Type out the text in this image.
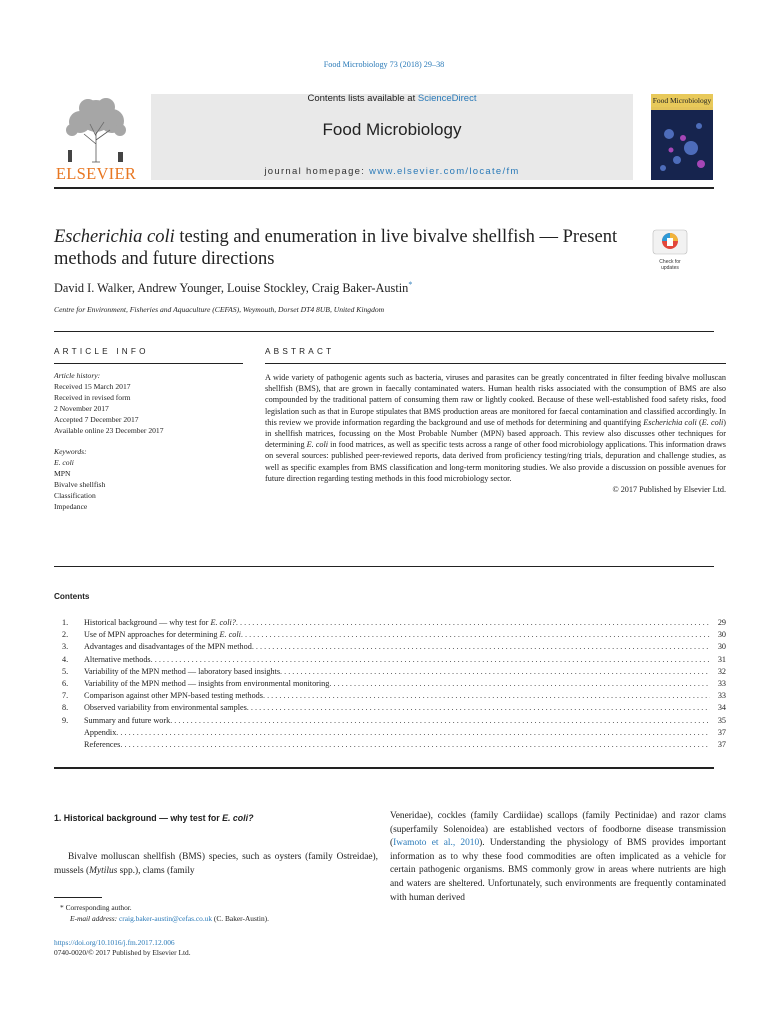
Food Microbiology 73 (2018) 29–38
ELSEVIER
Contents lists available at ScienceDirect
Food Microbiology
journal homepage: www.elsevier.com/locate/fm
Food Microbiology
Escherichia coli testing and enumeration in live bivalve shellfish — Present methods and future directions	Check for updates
David I. Walker, Andrew Younger, Louise Stockley, Craig Baker-Austin*
Centre for Environment, Fisheries and Aquaculture (CEFAS), Weymouth, Dorset DT4 8UB, United Kingdom
ARTICLE INFO	ABSTRACT
Article history:
Received 15 March 2017
Received in revised form
2 November 2017
Accepted 7 December 2017
Available online 23 December 2017
Keywords:
E. coli
MPN
Bivalve shellfish
Classification
Impedance
A wide variety of pathogenic agents such as bacteria, viruses and parasites can be greatly concentrated in filter feeding bivalve molluscan shellfish (BMS), that are grown in faecally contaminated waters. Human health risks associated with the consumption of BMS are also compounded by the traditional pattern of consuming them raw or lightly cooked. Because of these well-established food safety risks, food legislation such as that in Europe stipulates that BMS production areas are monitored for faecal contamination and classified accordingly. In this review we provide information regarding the background and use of methods for determining and quantifying Escherichia coli (E. coli) in shellfish matrices, focussing on the Most Probable Number (MPN) based approach. This review also discusses other techniques for determining E. coli in food matrices, as well as specific tests across a range of other food microbiology applications. This information draws on several sources: published peer-reviewed reports, data derived from proficiency testing/ring trials, depuration and challenge studies, as well as specific examples from BMS classification and long-term monitoring studies. We also provide a discussion on possible avenues for future direction regarding testing methods in this food microbiology sector.
© 2017 Published by Elsevier Ltd.
Contents
1.	Historical background — why test for E. coli? . . .	29
2.	Use of MPN approaches for determining E. coli . . .	30
3.	Advantages and disadvantages of the MPN method . . .	30
4.	Alternative methods . . .	31
5.	Variability of the MPN method — laboratory based insights . . .	32
6.	Variability of the MPN method — insights from environmental monitoring . . .	33
7.	Comparison against other MPN-based testing methods . . .	33
8.	Observed variability from environmental samples . . .	34
9.	Summary and future work . . .	35
Appendix . . .	37
References . . .	37
1. Historical background — why test for E. coli?
Bivalve molluscan shellfish (BMS) species, such as oysters (family Ostreidae), mussels (Mytilus spp.), clams (family
Veneridae), cockles (family Cardiidae) scallops (family Pectinidae) and razor clams (superfamily Solenoidea) are established vectors of foodborne disease transmission (Iwamoto et al., 2010). Understanding the physiology of BMS provides important information as to why these food commodities are often implicated as a vehicle for certain pathogenic organisms. BMS commonly grow in areas where nutrients are high and waters are sheltered. Unfortunately, such environments are frequently contaminated with human derived
* Corresponding author.
E-mail address: craig.baker-austin@cefas.co.uk (C. Baker-Austin).
https://doi.org/10.1016/j.fm.2017.12.006
0740-0020/© 2017 Published by Elsevier Ltd.
